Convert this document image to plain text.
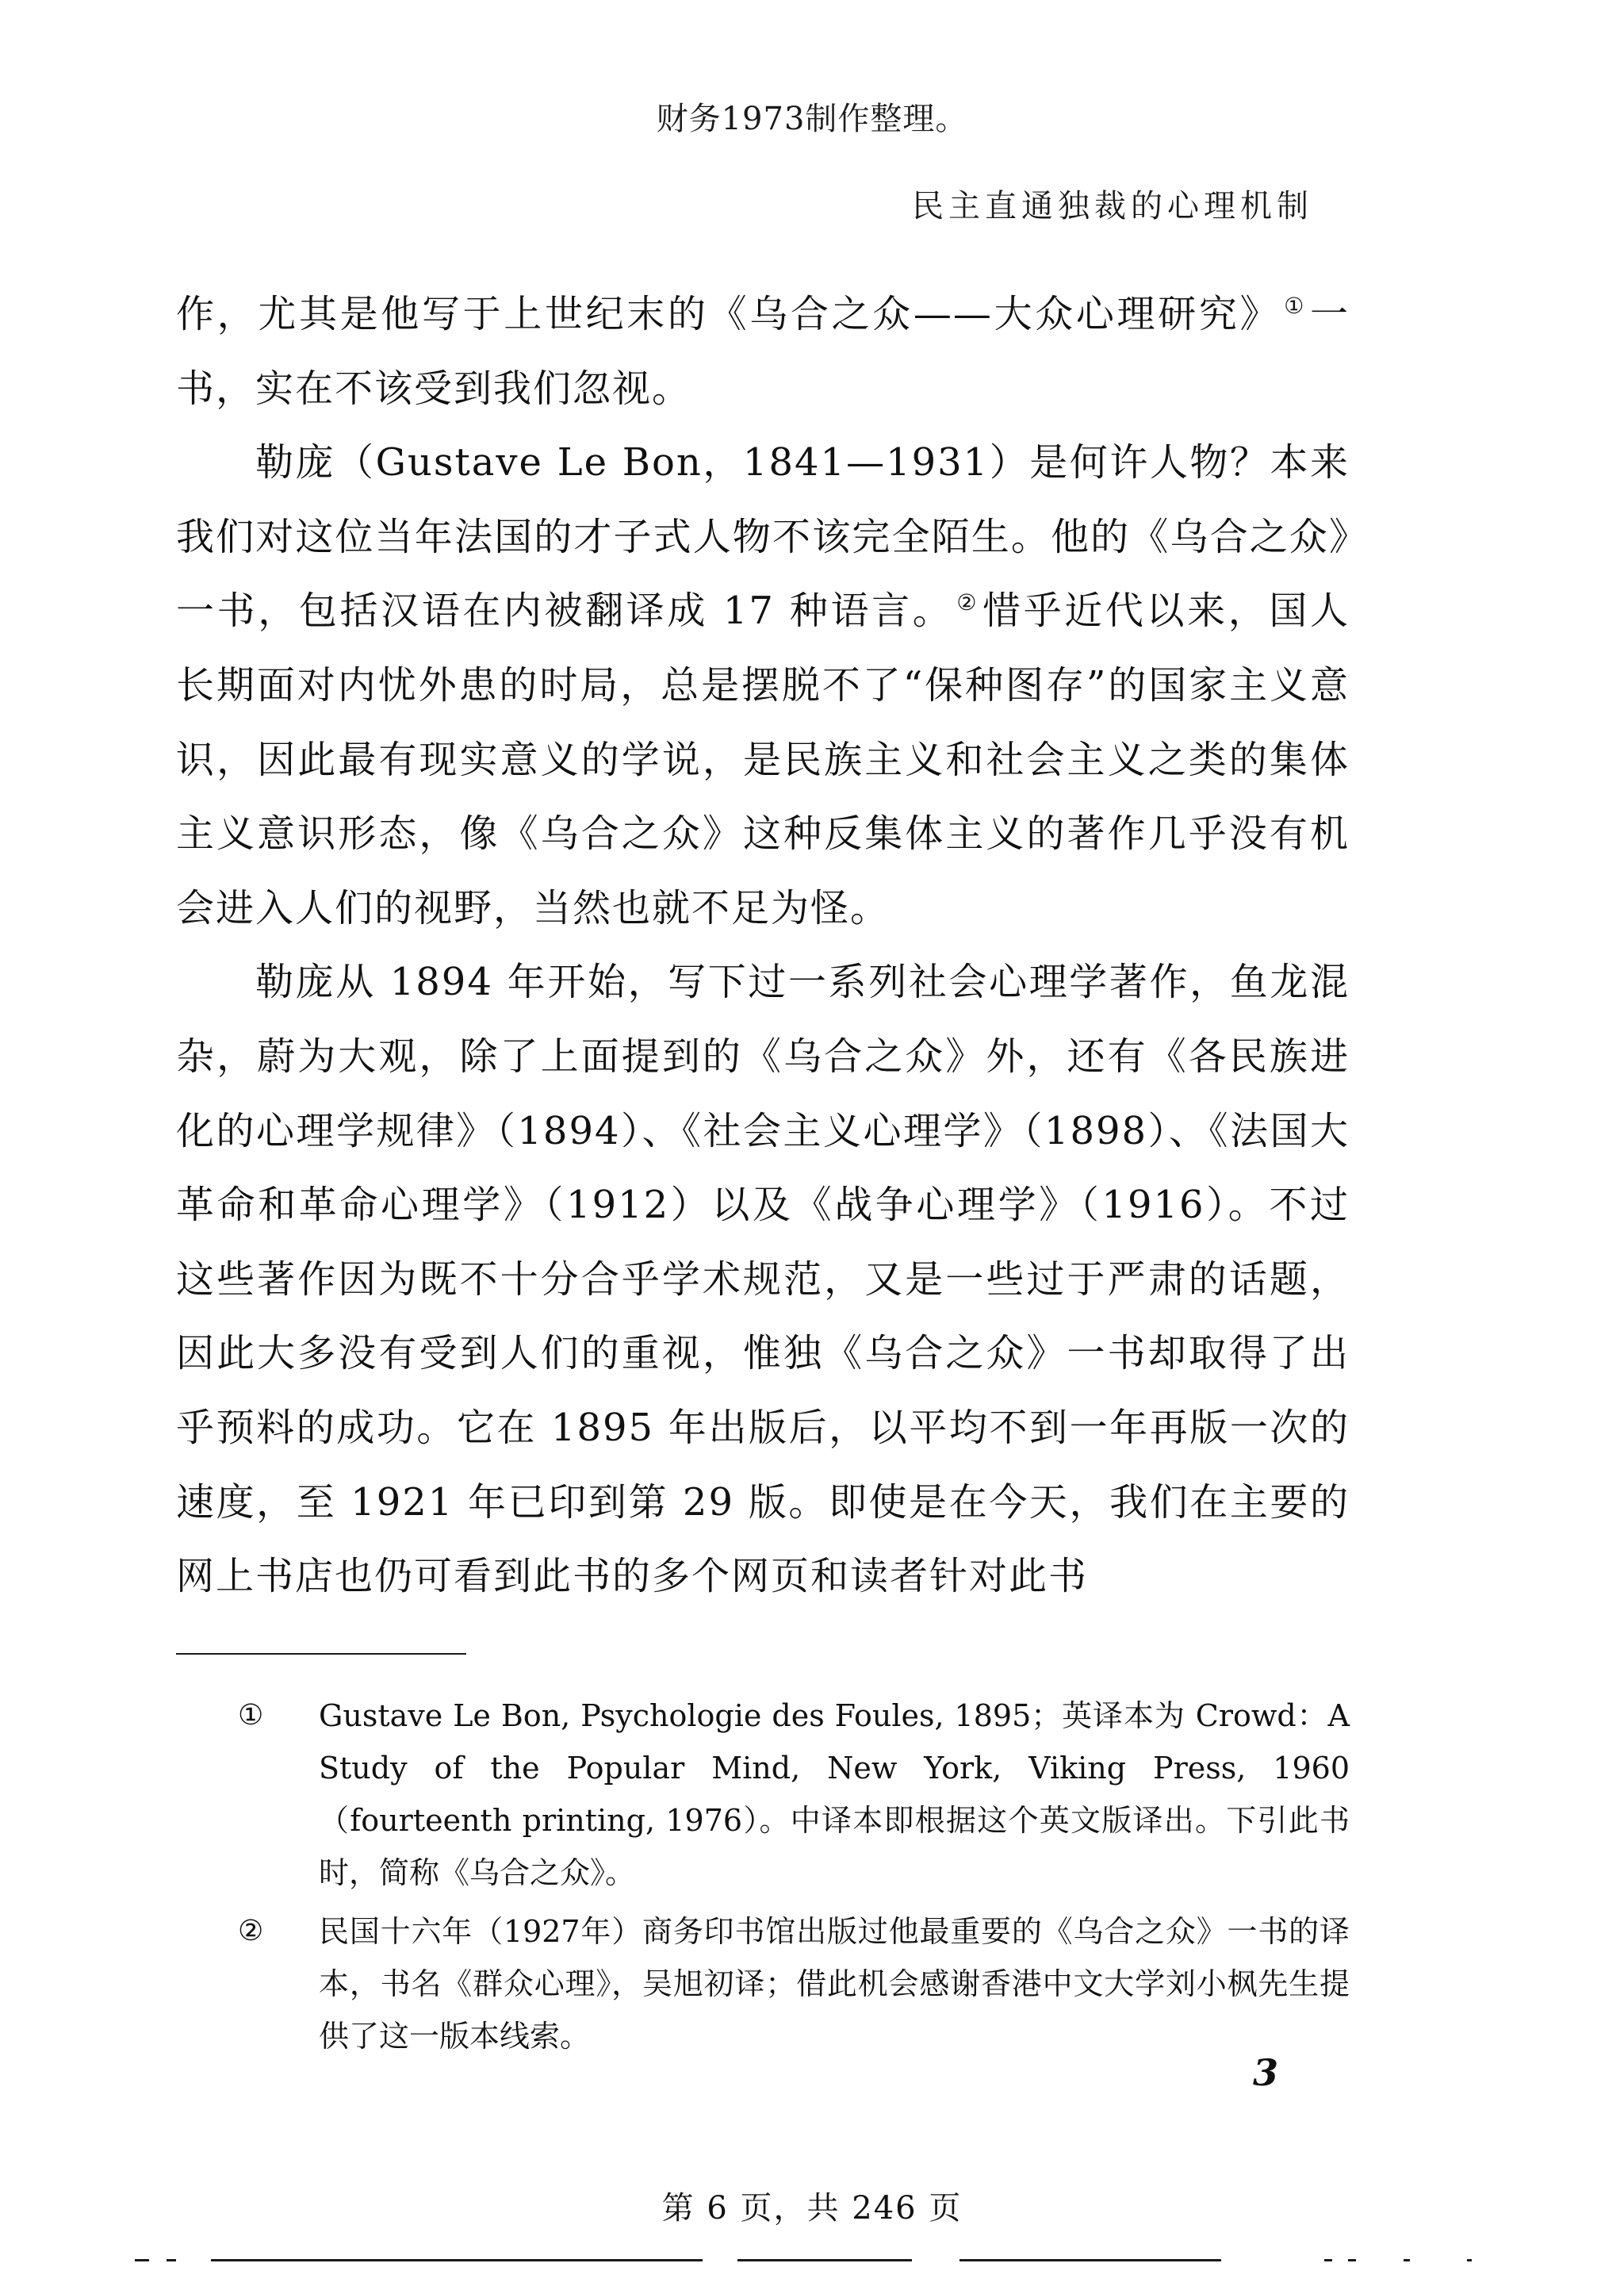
财务1973制作整理。
民主直通独裁的心理机制

作，尤其是他写于上世纪末的《乌合之众——大众心理研究》 ①一书，实在不该受到我们忽视。

勒庞（Gustave Le Bon，1841—1931）是何许人物？本来我们对这位当年法国的才子式人物不该完全陌生。他的《乌合之众》一书，包括汉语在内被翻译成 17 种语言。 ②惜乎近代以来，国人长期面对内忧外患的时局，总是摆脱不了“保种图存”的国家主义意识，因此最有现实意义的学说，是民族主义和社会主义之类的集体主义意识形态，像《乌合之众》这种反集体主义的著作几乎没有机会进入人们的视野，当然也就不足为怪。

勒庞从 1894 年开始，写下过一系列社会心理学著作，鱼龙混杂，蔚为大观，除了上面提到的《乌合之众》外，还有《各民族进化的心理学规律》（1894）、《社会主义心理学》（1898）、《法国大革命和革命心理学》（1912）以及《战争心理学》（1916）。不过这些著作因为既不十分合乎学术规范，又是一些过于严肃的话题，因此大多没有受到人们的重视，惟独《乌合之众》一书却取得了出乎预料的成功。它在 1895 年出版后，以平均不到一年再版一次的速度，至 1921 年已印到第 29 版。即使是在今天，我们在主要的网上书店也仍可看到此书的多个网页和读者针对此书

① Gustave Le Bon, Psychologie des Foules, 1895；英译本为 Crowd：A Study of the Popular Mind, New York, Viking Press, 1960（fourteenth printing, 1976）。中译本即根据这个英文版译出。下引此书时，简称《乌合之众》。
② 民国十六年（1927年）商务印书馆出版过他最重要的《乌合之众》一书的译本，书名《群众心理》，吴旭初译；借此机会感谢香港中文大学刘小枫先生提供了这一版本线索。
3
第 6 页，共 246 页
